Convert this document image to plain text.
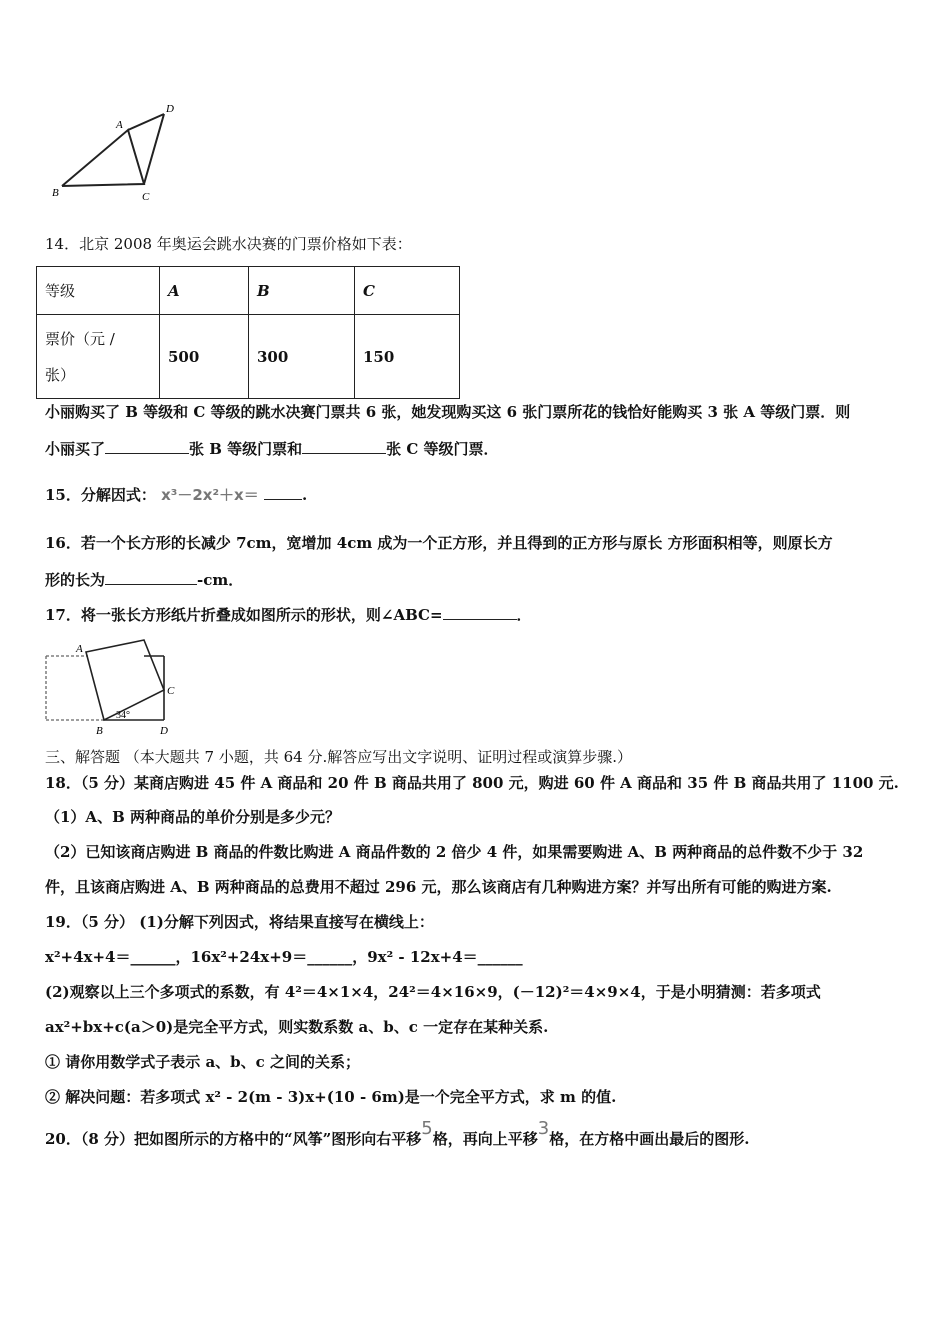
A
D
B	C
14．北京 2008 年奥运会跳水决赛的门票价格如下表：
等级	A	B	C

票价（元 /
张）	500	300	150
小丽购买了 B 等级和 C 等级的跳水决赛门票共 6 张，她发现购买这 6 张门票所花的钱恰好能购买 3 张 A 等级门票．则
小丽买了	张 B 等级门票和	张 C 等级门票．
15．分解因式： x³－2x²＋x＝	.
16．若一个长方形的长减少 7cm，宽增加 4cm 成为一个正方形，并且得到的正方形与原长 方形面积相等，则原长方
形的长为	-cm．
17．将一张长方形纸片折叠成如图所示的形状，则∠ABC=	．
A
C
B	D
34°
三、解答题 （本大题共 7 小题，共 64 分.解答应写出文字说明、证明过程或演算步骤.）
18．（5 分）某商店购进 45 件 A 商品和 20 件 B 商品共用了 800 元，购进 60 件 A 商品和 35 件 B 商品共用了 1100 元.
（1）A、B 两种商品的单价分别是多少元？
（2）已知该商店购进 B 商品的件数比购进 A 商品件数的 2 倍少 4 件，如果需要购进 A、B 两种商品的总件数不少于 32
件，且该商店购进 A、B 两种商品的总费用不超过 296 元，那么该商店有几种购进方案？并写出所有可能的购进方案.
19．（5 分） (1)分解下列因式，将结果直接写在横线上：
x²+4x+4＝______，16x²+24x+9＝______，9x² - 12x+4＝______
(2)观察以上三个多项式的系数，有 4²＝4×1×4，24²＝4×16×9，(－12)²＝4×9×4，于是小明猜测：若多项式
ax²+bx+c(a＞0)是完全平方式，则实数系数 a、b、c 一定存在某种关系.
① 请你用数学式子表示 a、b、c 之间的关系；
② 解决问题：若多项式 x² - 2(m - 3)x+(10 - 6m)是一个完全平方式，求 m 的值.
20．（8 分）把如图所示的方格中的“风筝”图形向右平移5格，再向上平移3格，在方格中画出最后的图形.
